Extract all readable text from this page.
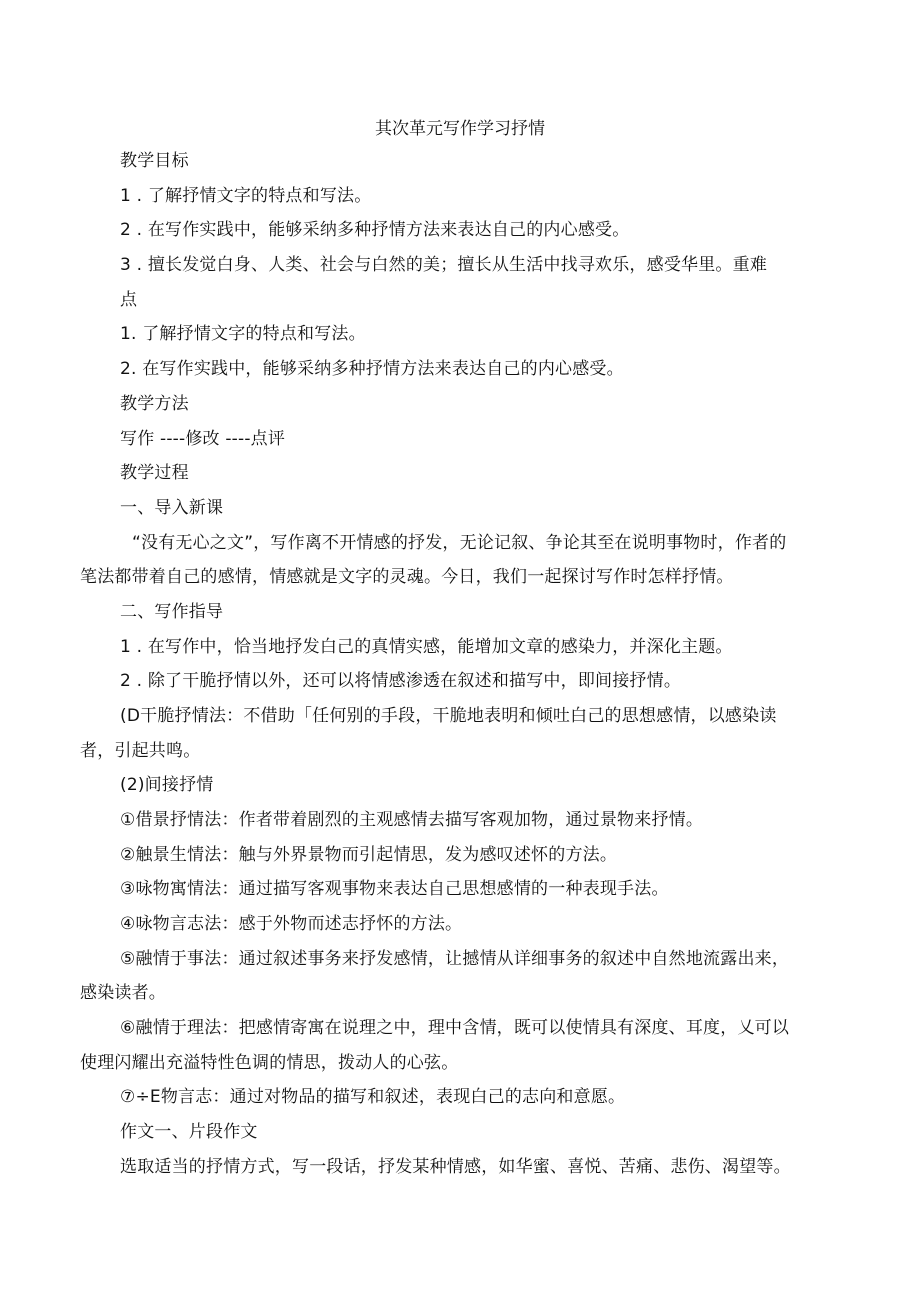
其次革元写作学习抒情
教学目标
1 . 了解抒情文字的特点和写法。
2 . 在写作实践中，能够采纳多种抒情方法来表达自己的内心感受。
3 . 擅长发觉白身、人类、社会与白然的美；擅长从生活中找寻欢乐，感受华里。重难
点
1. 了解抒情文字的特点和写法。
2. 在写作实践中，能够采纳多种抒情方法来表达自己的内心感受。
教学方法
写作 ----修改 ----点评
教学过程
一、导入新课
“没有无心之文”，写作离不开情感的抒发，无论记叙、争论其至在说明事物时，作者的
笔法都带着自己的感情，情感就是文字的灵魂。今日，我们一起探讨写作时怎样抒情。
二、写作指导
1 . 在写作中，恰当地抒发白己的真情实感，能增加文章的感染力，并深化主题。
2 . 除了干脆抒情以外，还可以将情感渗透在叙述和描写中，即间接抒情。
(D干脆抒情法：不借助「任何别的手段，干脆地表明和倾吐白己的思想感情，以感染读
者，引起共鸣。
(2)间接抒情
①借景抒情法：作者带着剧烈的主观感情去描写客观加物，通过景物来抒情。
②触景生情法：触与外界景物而引起情思，发为感叹述怀的方法。
③咏物寓情法：通过描写客观事物来表达自己思想感情的一种表现手法。
④咏物言志法：感于外物而述志抒怀的方法。
⑤融情于事法：通过叙述事务来抒发感情，让撼情从详细事务的叙述中自然地流露出来，
感染读者。
⑥融情于理法：把感情寄寓在说理之中，理中含情，既可以使情具有深度、耳度，乂可以
使理闪耀出充溢特性色调的情思，拨动人的心弦。
⑦÷E物言志：通过对物品的描写和叙述，表现白己的志向和意愿。
作文一、片段作文
选取适当的抒情方式，写一段话，抒发某种情感，如华蜜、喜悦、苦痛、悲伤、渴望等。
